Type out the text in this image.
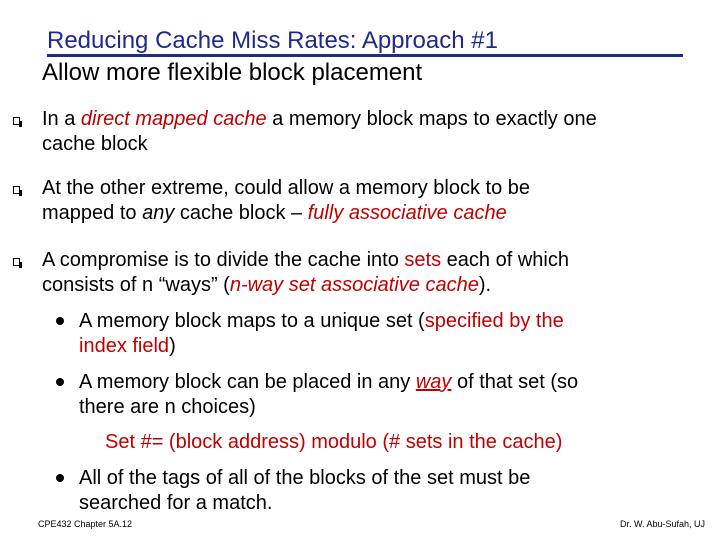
Reducing Cache Miss Rates: Approach #1
Allow more flexible block placement
In a direct mapped cache a memory block maps to exactly one
cache block
At the other extreme, could allow a memory block to be
mapped to any cache block – fully associative cache
A compromise is to divide the cache into sets each of which
consists of n “ways” (n-way set associative cache).
A memory block maps to a unique set (specified by the
index field)
A memory block can be placed in any way of that set (so
there are n choices)
Set #= (block address) modulo (# sets in the cache)
All of the tags of all of the blocks of the set must be
searched for a match.
CPE432 Chapter 5A.12	Dr. W. Abu-Sufah, UJ
